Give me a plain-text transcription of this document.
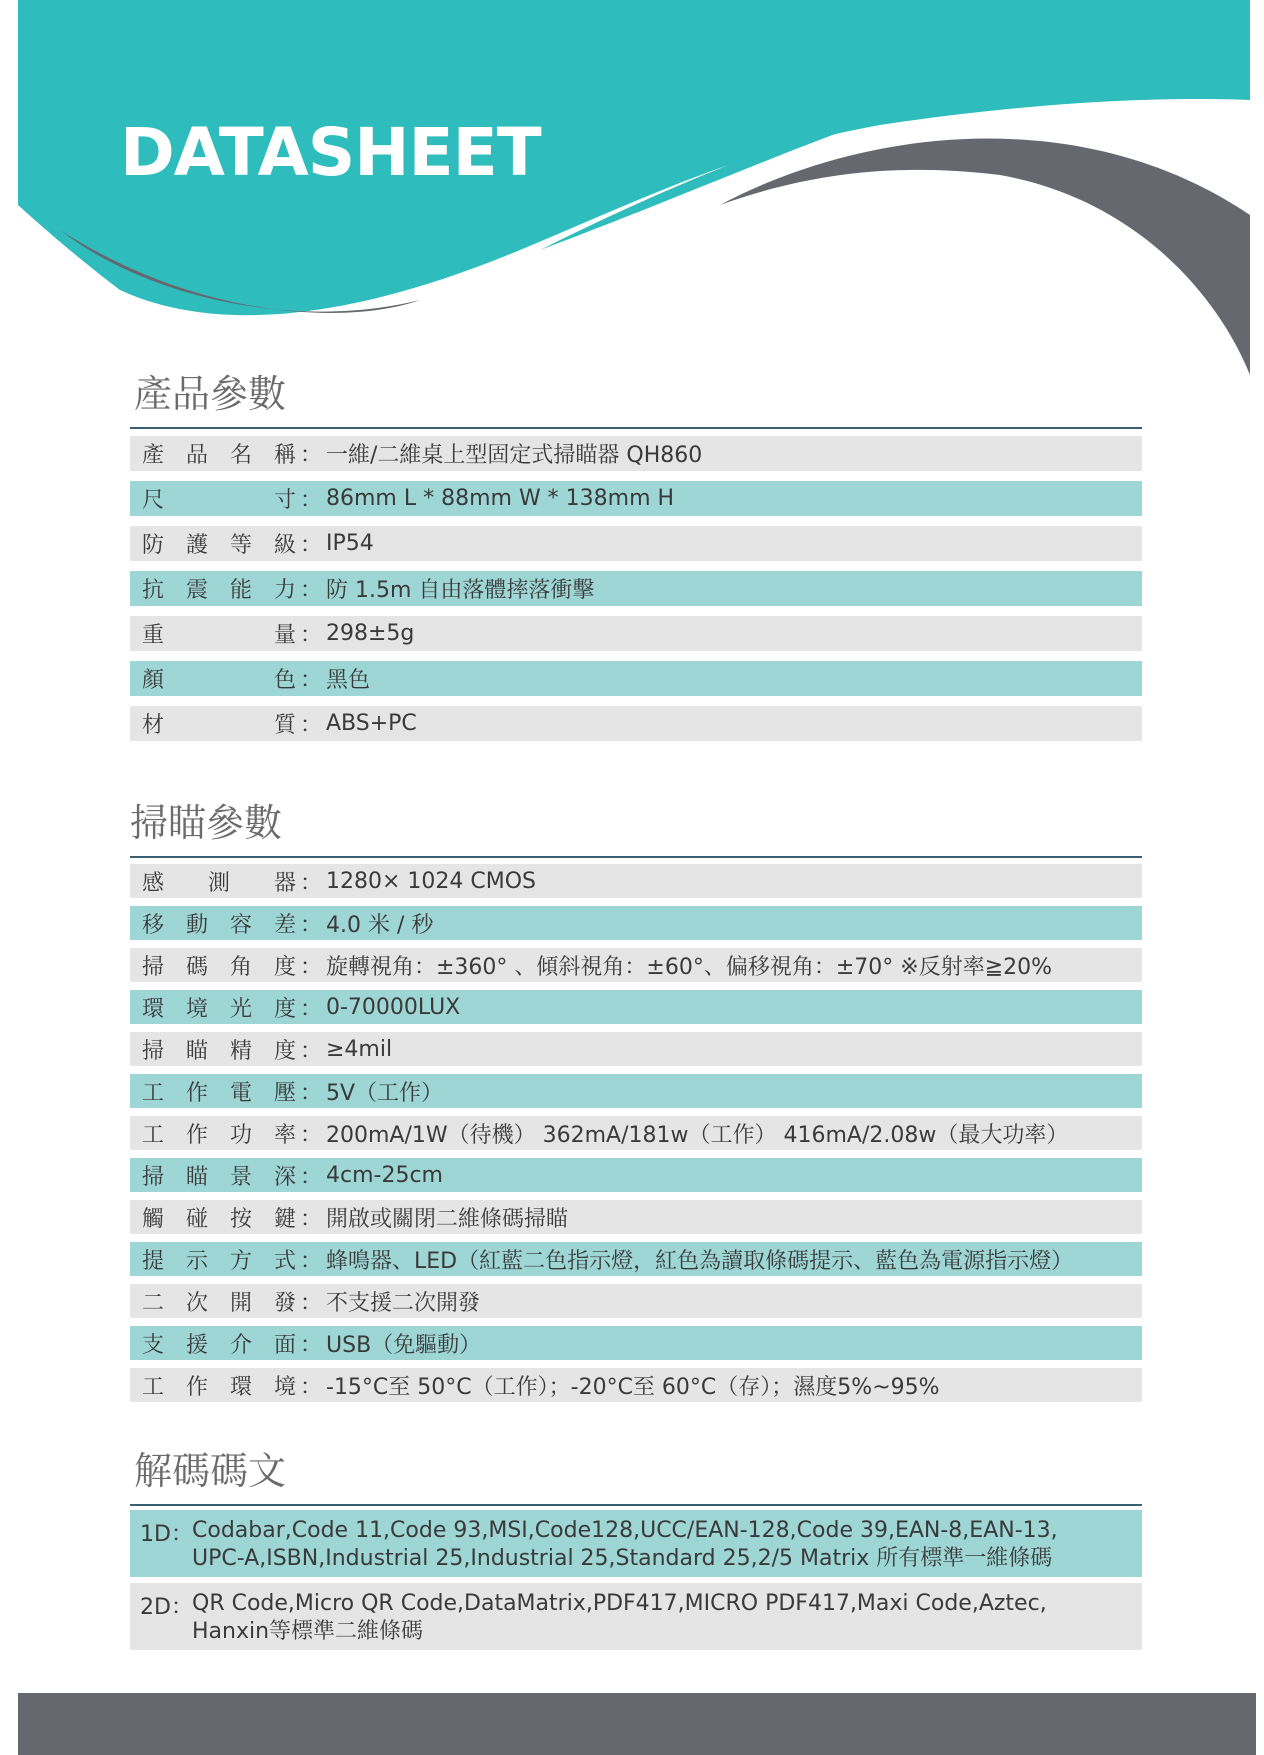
DATASHEET
產品參數
產 品 名 稱 ： 一維/二維桌上型固定式掃瞄器 QH860
尺	寸 ： 86mm L * 88mm W * 138mm H
防 護 等 級 ： IP54
抗 震 能 力 ： 防 1.5m 自由落體摔落衝擊
重	量 ： 298±5g
顏	色 ： 黑色
材	質 ： ABS+PC
掃瞄參數
感 測 器 ： 1280× 1024 CMOS
移 動 容 差 ： 4.0 米 / 秒
掃 碼 角 度 ： 旋轉視角：±360° 、傾斜視角：±60°、偏移視角：±70° ※反射率≧20%
環 境 光 度 ： 0-70000LUX
掃 瞄 精 度 ： ≥4mil
工 作 電 壓 ： 5V（工作）
工 作 功 率 ： 200mA/1W（待機） 362mA/181w（工作） 416mA/2.08w（最大功率）
掃 瞄 景 深 ： 4cm-25cm
觸 碰 按 鍵 ： 開啟或關閉二維條碼掃瞄
提 示 方 式 ： 蜂鳴器、LED（紅藍二色指示燈，紅色為讀取條碼提示、藍色為電源指示燈）
二 次 開 發 ： 不支援二次開發
支 援 介 面 ： USB（免驅動）
工 作 環 境 ： -15°C至 50°C（工作）；-20°C至 60°C（存）；濕度5%~95%
解碼碼文
1D： Codabar,Code 11,Code 93,MSI,Code128,UCC/EAN-128,Code 39,EAN-8,EAN-13,
UPC-A,ISBN,Industrial 25,Industrial 25,Standard 25,2/5 Matrix 所有標準一維條碼
2D： QR Code,Micro QR Code,DataMatrix,PDF417,MICRO PDF417,Maxi Code,Aztec,
Hanxin等標準二維條碼
